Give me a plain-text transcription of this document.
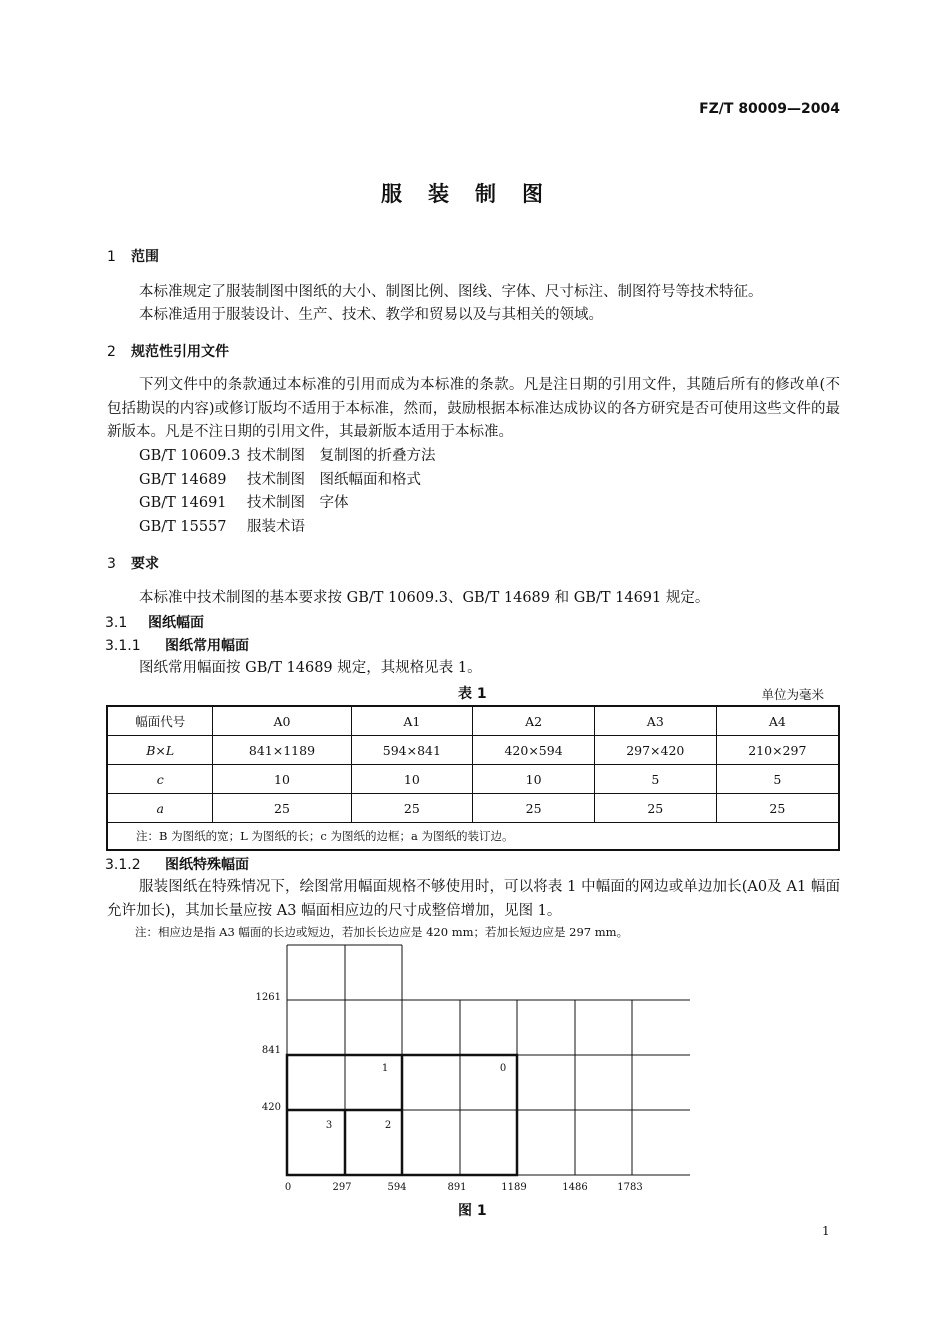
FZ/T 80009—2004
服装制图
1 范围
本标准规定了服装制图中图纸的大小、制图比例、图线、字体、尺寸标注、制图符号等技术特征。
本标准适用于服装设计、生产、技术、教学和贸易以及与其相关的领域。
2 规范性引用文件
下列文件中的条款通过本标准的引用而成为本标准的条款。凡是注日期的引用文件，其随后所有的修改单(不包括勘误的内容)或修订版均不适用于本标准，然而，鼓励根据本标准达成协议的各方研究是否可使用这些文件的最新版本。凡是不注日期的引用文件，其最新版本适用于本标准。
GB/T 10609.3 技术制图　复制图的折叠方法
GB/T 14689 技术制图　图纸幅面和格式
GB/T 14691 技术制图　字体
GB/T 15557 服装术语
3 要求
本标准中技术制图的基本要求按 GB/T 10609.3、GB/T 14689 和 GB/T 14691 规定。
3.1 图纸幅面
3.1.1 图纸常用幅面
图纸常用幅面按 GB/T 14689 规定，其规格见表 1。
表 1	单位为毫米
幅面代号	A0	A1	A2	A3	A4
B×L	841×1189	594×841	420×594	297×420	210×297
c	10	10	10	5	5
a	25	25	25	25	25
注：B 为图纸的宽；L 为图纸的长；c 为图纸的边框；a 为图纸的装订边。					
3.1.2 图纸特殊幅面
服装图纸在特殊情况下，绘图常用幅面规格不够使用时，可以将表 1 中幅面的网边或单边加长(A0及 A1 幅面允许加长)，其加长量应按 A3 幅面相应边的尺寸成整倍增加，见图 1。
注：相应边是指 A3 幅面的长边或短边，若加长长边应是 420 mm；若加长短边应是 297 mm。
0
1
2
3
420
841
1261
0	297	594	891	1189	1486	1783
图 1
1
